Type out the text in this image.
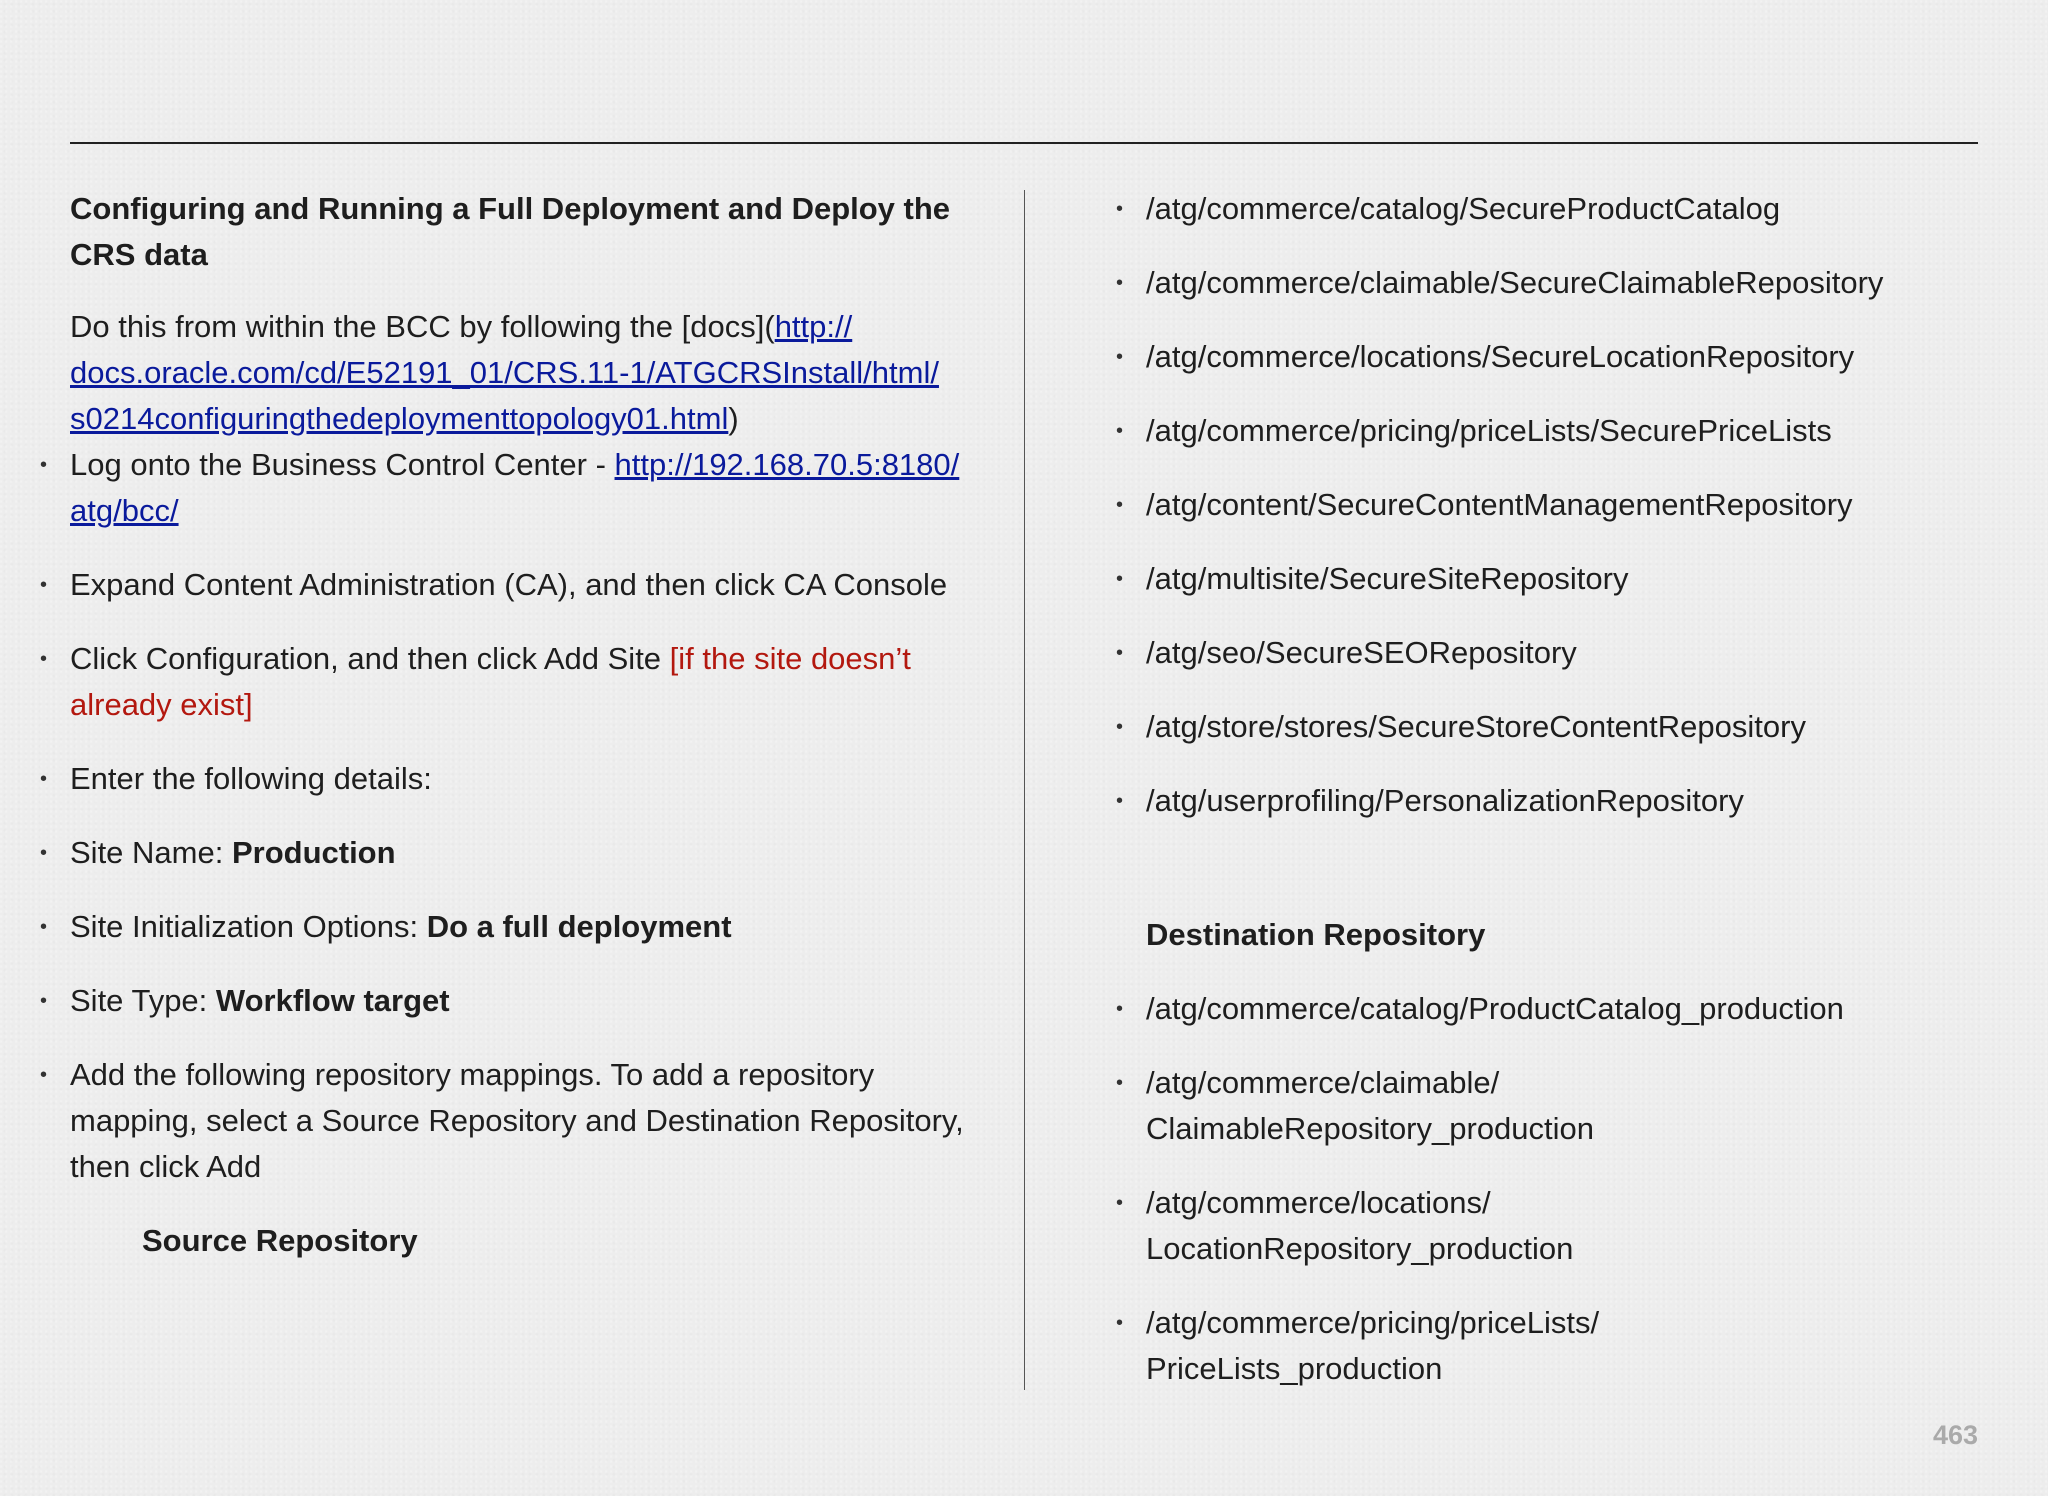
Configuring and Running a Full Deployment and Deploy the CRS data

Do this from within the BCC by following the [docs](http:/​/​docs.oracle.com/​cd/​E52191_01/​CRS.11-1/​ATGCRSInstall/​html/​s0214configuringthedeploymenttopology01.html)

• Log onto the Business Control Center - http:/​/​192.168.70.5:8180/​atg/​bcc/​
• Expand Content Administration (CA), and then click CA Console
• Click Configuration, and then click Add Site [if the site doesn’t already exist]
• Enter the following details:
• Site Name: Production
• Site Initialization Options: Do a full deployment
• Site Type: Workflow target
• Add the following repository mappings. To add a repository mapping, select a Source Repository and Destination Repository, then click Add
Source Repository
• /atg/commerce/catalog/SecureProductCatalog
• /atg/commerce/claimable/SecureClaimableRepository
• /atg/commerce/locations/SecureLocationRepository
• /atg/commerce/pricing/priceLists/SecurePriceLists
• /atg/content/SecureContentManagementRepository
• /atg/multisite/SecureSiteRepository
• /atg/seo/SecureSEORepository
• /atg/store/stores/SecureStoreContentRepository
• /atg/userprofiling/PersonalizationRepository
Destination Repository
• /atg/commerce/catalog/ProductCatalog_production
• /atg/commerce/claimable/
ClaimableRepository_production
• /atg/commerce/locations/
LocationRepository_production
• /atg/commerce/pricing/priceLists/
PriceLists_production
463
